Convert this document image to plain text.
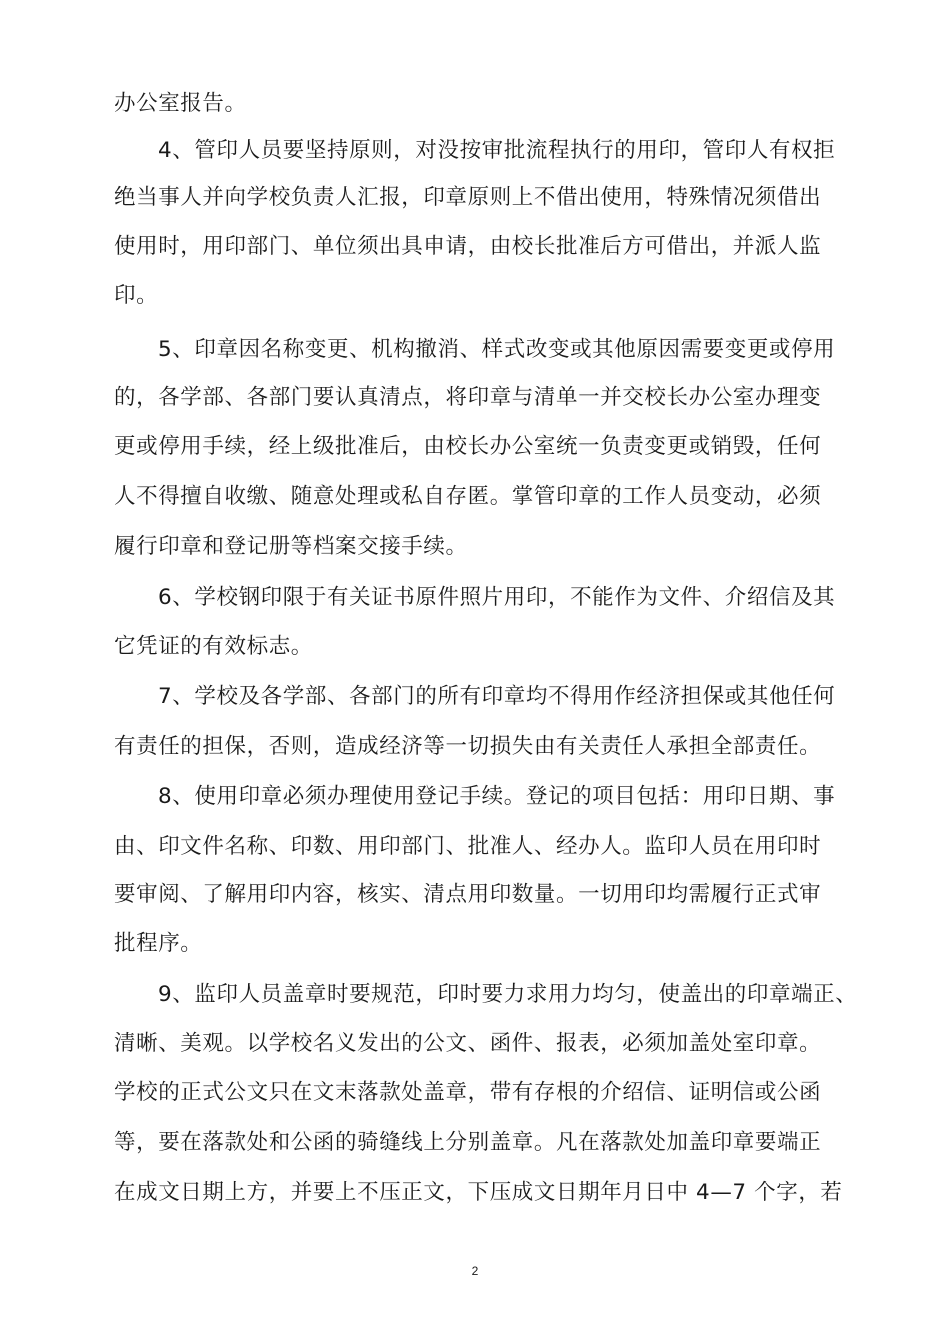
办公室报告。
4、管印人员要坚持原则，对没按审批流程执行的用印，管印人有权拒
绝当事人并向学校负责人汇报，印章原则上不借出使用，特殊情况须借出
使用时，用印部门、单位须出具申请，由校长批准后方可借出，并派人监
印。
5、印章因名称变更、机构撤消、样式改变或其他原因需要变更或停用
的，各学部、各部门要认真清点，将印章与清单一并交校长办公室办理变
更或停用手续，经上级批准后，由校长办公室统一负责变更或销毁，任何
人不得擅自收缴、随意处理或私自存匿。掌管印章的工作人员变动，必须
履行印章和登记册等档案交接手续。
6、学校钢印限于有关证书原件照片用印，不能作为文件、介绍信及其
它凭证的有效标志。
7、学校及各学部、各部门的所有印章均不得用作经济担保或其他任何
有责任的担保，否则，造成经济等一切损失由有关责任人承担全部责任。
8、使用印章必须办理使用登记手续。登记的项目包括：用印日期、事
由、印文件名称、印数、用印部门、批准人、经办人。监印人员在用印时
要审阅、了解用印内容，核实、清点用印数量。一切用印均需履行正式审
批程序。
9、监印人员盖章时要规范，印时要力求用力均匀，使盖出的印章端正、
清晰、美观。以学校名义发出的公文、函件、报表，必须加盖处室印章。
学校的正式公文只在文末落款处盖章，带有存根的介绍信、证明信或公函
等，要在落款处和公函的骑缝线上分别盖章。凡在落款处加盖印章要端正
在成文日期上方，并要上不压正文，下压成文日期年月日中 4—7 个字，若
2
